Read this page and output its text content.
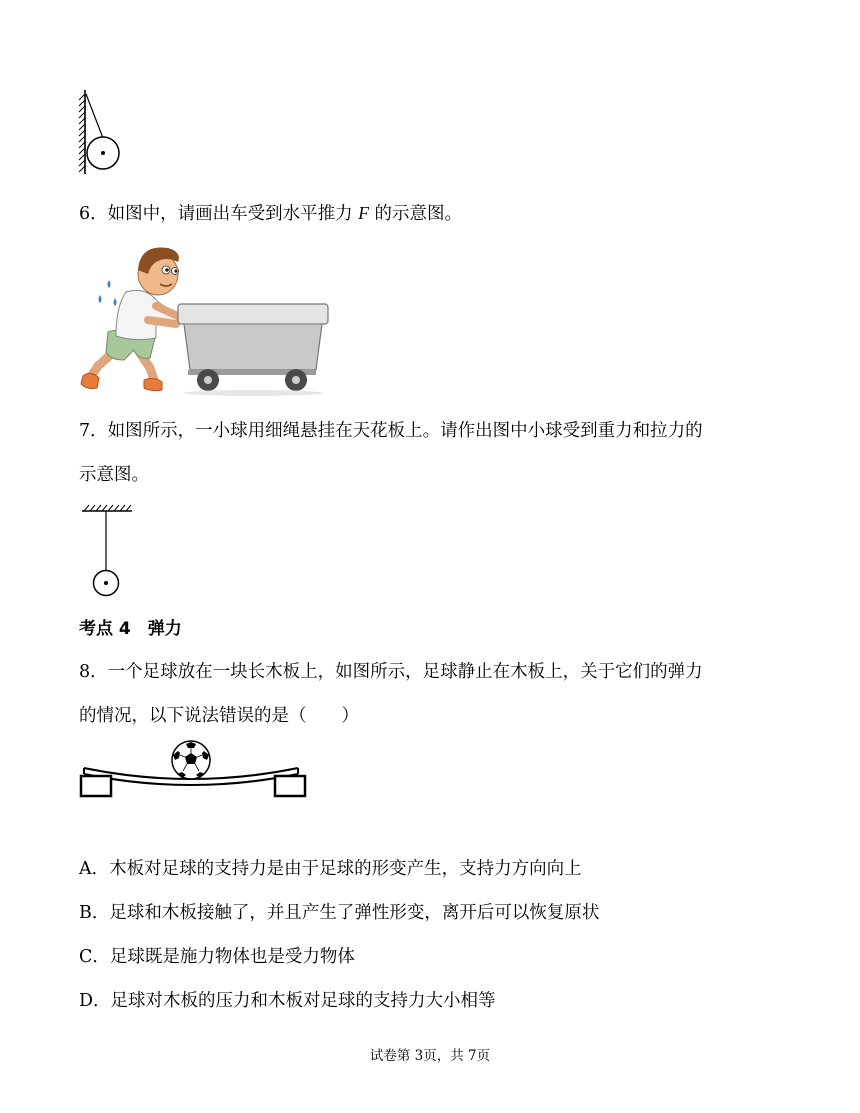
6．如图中，请画出车受到水平推力 F 的示意图。
7．如图所示，一小球用细绳悬挂在天花板上。请作出图中小球受到重力和拉力的
示意图。
考点 4　弹力
8．一个足球放在一块长木板上，如图所示，足球静止在木板上，关于它们的弹力
的情况，以下说法错误的是（　　）
A．木板对足球的支持力是由于足球的形变产生，支持力方向向上
B．足球和木板接触了，并且产生了弹性形变，离开后可以恢复原状
C．足球既是施力物体也是受力物体
D．足球对木板的压力和木板对足球的支持力大小相等
试卷第 3页，共 7页
